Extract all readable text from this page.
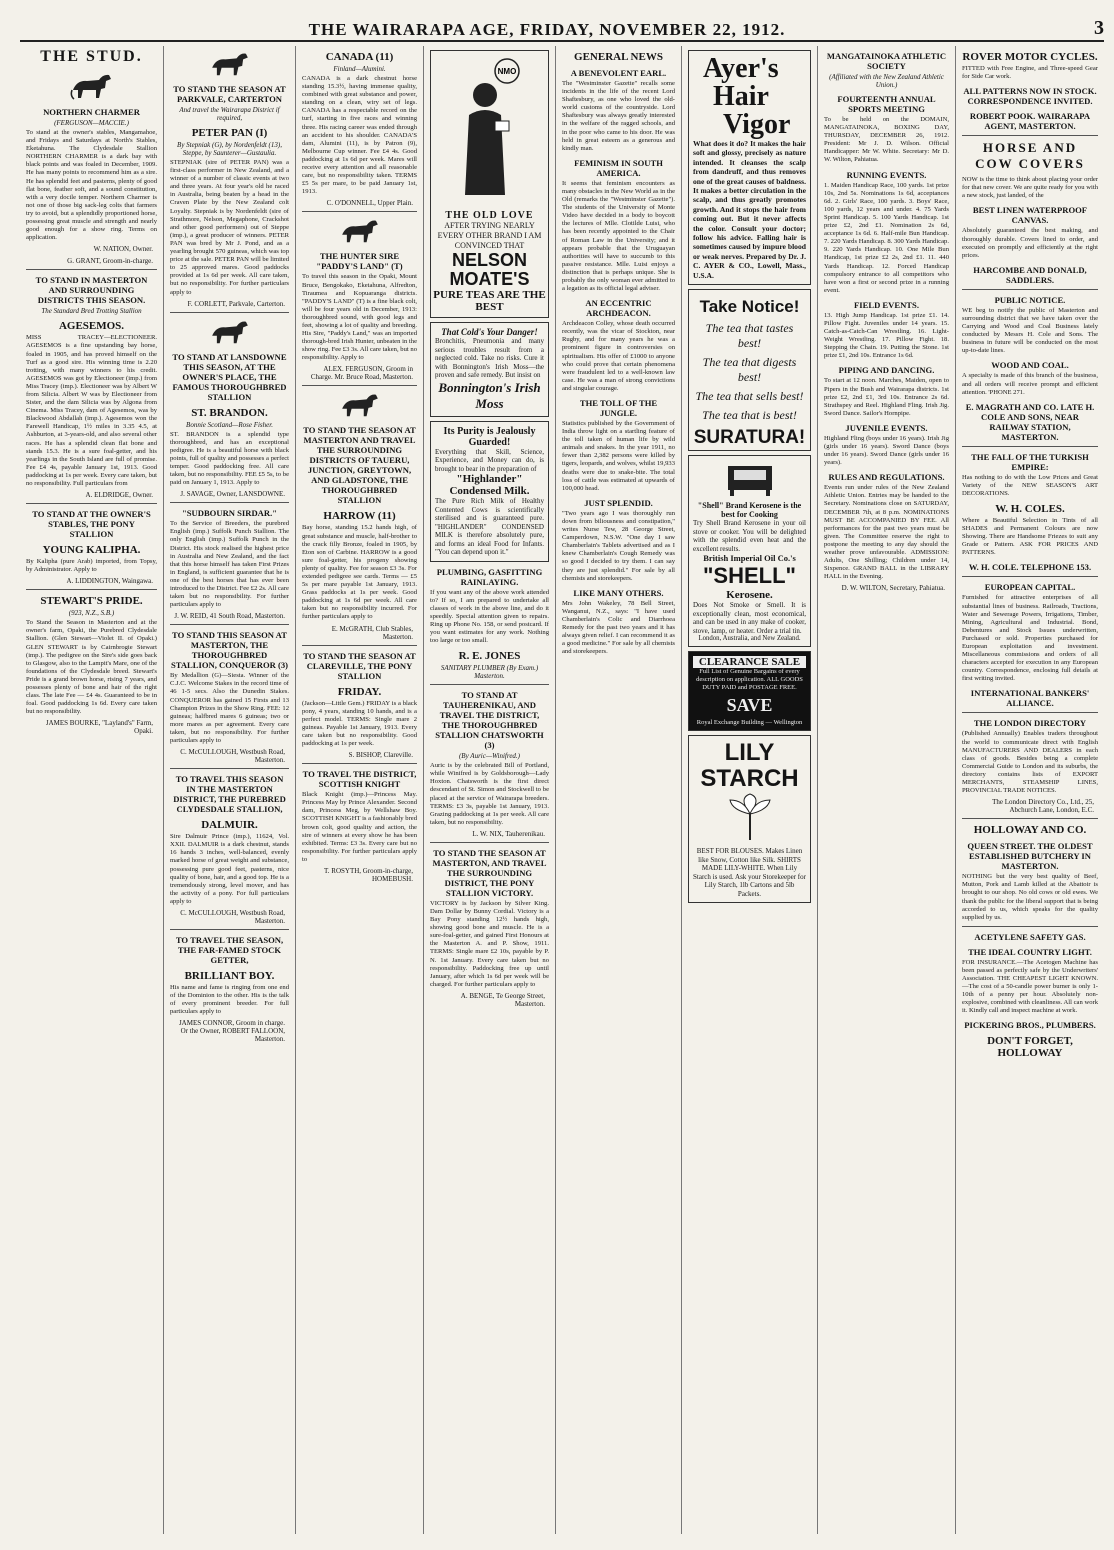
THE WAIRARAPA AGE, FRIDAY, NOVEMBER 22, 1912.	3
THE STUD.
NORTHERN CHARMER
(FERGUSON—MACCIE.)

To stand at the owner's stables, Mangamahoe, and Fridays and Saturdays at North's Stables, Eketahuna. The Clydesdale Stallion NORTHERN CHARMER is a dark bay with black points and was foaled in December, 1909. He has many points to recommend him as a sire. He has splendid feet and pasterns, plenty of good flat bone, feather soft, and a sound constitution, with a very docile temper. Northern Charmer is not one of those big sack-leg colts that farmers try to avoid, but a splendidly proportioned horse, possessing great muscle and strength and nearly good enough for a show ring. Terms on application.

W. NATION, Owner.
G. GRANT, Groom-in-charge.
TO STAND IN MASTERTON AND SURROUNDING DISTRICTS THIS SEASON.
The Standard Bred Trotting Stallion
AGESEMOS.

MISS TRACEY—ELECTIONEER. AGESEMOS is a fine upstanding bay horse, foaled in 1905, and has proved himself on the Turf as a good sire. His winning time is 2.20 trotting, with many winners to his credit. AGESEMOS was got by Electioneer (imp.) from Miss Tracey (imp.). Electioneer was by Albert W from Silicia. Albert W was by Electioneer from Sister, and the dam Silicia was by Algona from Cinema. Miss Tracey, dam of Agesemos, was by Blackwood Abdallah (imp.). Agesemos won the Farewell Handicap, 1½ miles in 3.35 4.5, at Ashburton, at 3-years-old, and also several other races. He has a splendid clean flat bone and stands 15.3. He is a sure foal-getter, and his yearlings in the South Island are full of promise. Fee £4 4s, payable January 1st, 1913. Good paddocking at 1s per week. Every care taken, but no responsibility. Full particulars from

A. ELDRIDGE, Owner.
TO STAND AT THE OWNER'S STABLES, THE PONY STALLION
YOUNG KALIPHA.

By Kalipha (pure Arab) imported, from Topsy, by Administrator. Apply to

A. LIDDINGTON, Waingawa.
STEWART'S PRIDE.
(923, N.Z., S.B.)

To Stand the Season in Masterton and at the owner's farm, Opaki, the Purebred Clydesdale Stallion. (Glen Stewart—Violet II. of Opaki.) GLEN STEWART is by Cairnbrogie Stewart (imp.). The pedigree on the Sire's side goes back to Glasgow, also to the Lampit's Mare, one of the foundations of the Clydesdale breed. Stewart's Pride is a grand brown horse, rising 7 years, and possesses plenty of bone and hair of the right class. The late Fee — £4 4s. Guaranteed to be in foal. Good paddocking 1s 6d. Every care taken but no responsibility.

JAMES BOURKE, "Layland's" Farm, Opaki.
TO STAND THE SEASON AT PARKVALE, CARTERTON
And travel the Wairarapa District if required,
PETER PAN (I)
By Stepniak (G), by Nordenfeldt (13), Steppe, by Saunterer—Gustaulia.

STEPNIAK (sire of PETER PAN) was a first-class performer in New Zealand, and a winner of a number of classic events at two and three years. At four year's old he raced in Australia, being beaten by a head in the Craven Plate by the New Zealand colt Loyalty. Stepniak is by Nordenfeldt (sire of Strathmore, Nelson, Megaphone, Crackshot and other good performers) out of Steppe (imp.), a great producer of winners. PETER PAN was bred by Mr J. Pond, and as a yearling brought 570 guineas, which was top price at the sale. PETER PAN will be limited to 25 approved mares. Good paddocks provided at 1s 6d per week. All care taken, but no responsibility. For further particulars apply to

F. CORLETT, Parkvale, Carterton.
TO STAND AT LANSDOWNE THIS SEASON, AT THE OWNER'S PLACE, THE FAMOUS THOROUGHBRED STALLION
ST. BRANDON.
Bonnie Scotland—Rose Fisher.

ST. BRANDON is a splendid type thoroughbred, and has an exceptional pedigree. He is a beautiful horse with black points, full of quality and possesses a perfect temper. Good paddocking free. All care taken, but no responsibility. FEE £5 5s, to be paid on January 1, 1913. Apply to

J. SAVAGE, Owner, LANSDOWNE.
"SUDBOURN SIRDAR."

To the Service of Breeders, the purebred English (imp.) Suffolk Punch Stallion. The only English (imp.) Suffolk Punch in the District. His stock realised the highest price in Australia and New Zealand, and the fact that this horse himself has taken First Prizes in England, is sufficient guarantee that he is one of the best horses that has ever been introduced to the District. Fee £2 2s. All care taken but no responsibility. For further particulars apply to

J. W. REID, 41 South Road, Masterton.
TO STAND THIS SEASON AT MASTERTON, THE THOROUGHBRED STALLION, CONQUEROR (3)

By Medallion (G)—Siesta. Winner of the C.J.C. Welcome Stakes in the record time of 46 1-5 secs. Also the Dunedin Stakes. CONQUEROR has gained 15 Firsts and 13 Champion Prizes in the Show Ring. FEE: 12 guineas; halfbred mares 6 guineas; two or more mares as per agreement. Every care taken, but no responsibility. For further particulars apply to

C. McCULLOUGH, Westbush Road, Masterton.
TO TRAVEL THIS SEASON IN THE MASTERTON DISTRICT, THE PUREBRED CLYDESDALE STALLION,
DALMUIR.

Sire Dalmuir Prince (imp.), 11624, Vol. XXII. DALMUIR is a dark chestnut, stands 16 hands 3 inches, well-balanced, evenly marked horse of great weight and substance, possessing pure good feet, pasterns, nice quality of bone, hair, and a good top. He is a tremendously strong, level mover, and has the activity of a pony. For full particulars apply to

C. McCULLOUGH, Westbush Road, Masterton.
TO TRAVEL THE SEASON, THE FAR-FAMED STOCK GETTER,
BRILLIANT BOY.

His name and fame is ringing from one end of the Dominion to the other. His is the talk of every prominent breeder. For full particulars apply to

JAMES CONNOR, Groom in charge. Or the Owner, ROBERT FALLOON, Masterton.
CANADA (11)
Finland—Alumini.

CANADA is a dark chestnut horse standing 15.3½, having immense quality, combined with great substance and power, standing on a clean, wiry set of legs. CANADA has a respectable record on the turf, starting in five races and winning three. His racing career was ended through an accident to his shoulder. CANADA'S dam, Alumini (11), is by Patron (9), Melbourne Cup winner. Fee £4 4s. Good paddocking at 1s 6d per week. Mares will receive every attention and all reasonable care, but no responsibility taken. TERMS £5 5s per mare, to be paid January 1st, 1913.

C. O'DONNELL, Upper Plain.
THE HUNTER SIRE "PADDY'S LAND" (T)

To travel this season in the Opaki, Mount Bruce, Bengokako, Eketahuna, Alfredton, Tiraumea and Kopuaranga districts. "PADDY'S LAND" (T) is a fine black colt, will be four years old in December, 1913: thoroughbred sound, with good legs and feet, showing a lot of quality and breeding. His Sire, "Paddy's Land," was an imported thorough-bred Irish Hunter, unbeaten in the show ring. Fee £3 3s. All care taken, but no responsibility. Apply to

ALEX. FERGUSON, Groom in Charge. Mr. Bruce Road, Masterton.
TO STAND THE SEASON AT MASTERTON AND TRAVEL THE SURROUNDING DISTRICTS OF TAUERU, JUNCTION, GREYTOWN, AND GLADSTONE, THE THOROUGHBRED STALLION
HARROW (11)

Bay horse, standing 15.2 hands high, of great substance and muscle, half-brother to the crack filly Bronze, foaled in 1905, by Eton son of Carbine. HARROW is a good sure foal-getter, his progeny showing plenty of quality. Fee for season £3 3s. For extended pedigree see cards. Terms — £5 5s per mare payable 1st January, 1913. Grass paddocks at 1s per week. Good paddocking at 1s 6d per week. All care taken but no responsibility incurred. For further particulars apply to

E. McGRATH, Club Stables, Masterton.
TO STAND THE SEASON AT CLAREVILLE, THE PONY STALLION
FRIDAY.

(Jackson—Little Gem.) FRIDAY is a black pony, 4 years, standing 10 hands, and is a perfect model. TERMS: Single mare 2 guineas. Payable 1st January, 1913. Every care taken but no responsibility. Good paddocking at 1s per week.

S. BISHOP, Clareville.
TO TRAVEL THE DISTRICT, SCOTTISH KNIGHT

Black Knight (imp.)—Princess May. Princess May by Prince Alexander. Second dam, Princess Meg, by Wellshaw Boy. SCOTTISH KNIGHT is a fashionably bred brown colt, good quality and action, the sire of winners at every show he has been exhibited. Terms: £3 3s. Every care but no responsibility. For further particulars apply to

T. ROSYTH, Groom-in-charge, HOMEBUSH.
NMO
THE OLD LOVE
AFTER TRYING NEARLY EVERY OTHER BRAND I AM CONVINCED THAT
NELSON MOATE'S
PURE TEAS ARE THE BEST
That Cold's Your Danger!
Bronchitis, Pneumonia and many serious troubles result from a neglected cold. Take no risks. Cure it with Bonnington's Irish Moss—the proven and safe remedy. But insist on
Bonnington's Irish Moss
Its Purity is Jealously Guarded!
Everything that Skill, Science, Experience, and Money can do, is brought to bear in the preparation of
"Highlander" Condensed Milk.
The Pure Rich Milk of Healthy Contented Cows is scientifically sterilised and is guaranteed pure. "HIGHLANDER" CONDENSED MILK is therefore absolutely pure, and forms an ideal Food for Infants. "You can depend upon it."
PLUMBING, GASFITTING RAINLAYING.

If you want any of the above work attended to? If so, I am prepared to undertake all classes of work in the above line, and do it speedily. Special attention given to repairs. Ring up Phone No. 158, or send postcard. If you want estimates for any work. Nothing too large or too small.

R. E. JONES
SANITARY PLUMBER (By Exam.) Masterton.
TO STAND AT TAUHERENIKAU, AND TRAVEL THE DISTRICT, THE THOROUGHBRED STALLION CHATSWORTH (3)
(By Auric—Winifred.)

Auric is by the celebrated Bill of Portland, while Winifred is by Goldsborough—Lady Hoxton. Chatsworth is the first direct descendant of St. Simon and Stockwell to be placed at the service of Wairarapa breeders. TERMS: £3 3s, payable 1st January, 1913. Grazing paddocking at 1s per week. All care taken, but no responsibility.

L. W. NIX, Tauherenikau.
TO STAND THE SEASON AT MASTERTON, AND TRAVEL THE SURROUNDING DISTRICT, THE PONY STALLION VICTORY.

VICTORY is by Jackson by Silver King. Dam Dollar by Bunny Cordial. Victory is a Bay Pony standing 12½ hands high, showing good bone and muscle. He is a sure-foal-getter, and gained First Honours at the Masterton A. and P. Show, 1911. TERMS: Single mare £2 10s, payable by P. N. 1st January. Every care taken but no responsibility. Paddocking free up until January, after which 1s 6d per week will be charged. For further particulars apply to

A. BENGE, Te George Street, Masterton.
GENERAL NEWS
A BENEVOLENT EARL.

The "Westminster Gazette" recalls some incidents in the life of the recent Lord Shaftesbury, as one who loved the old-world customs of the countryside. Lord Shaftesbury was always greatly interested in the welfare of the ragged schools, and in the poor who came to his door. He was held in great esteem as a generous and kindly man.

FEMINISM IN SOUTH AMERICA.

It seems that feminism encounters as many obstacles in the New World as in the Old (remarks the "Westminster Gazette"). The students of the University of Monte Video have decided in a body to boycott the lectures of Mlle. Clotilde Luisi, who has been recently appointed to the Chair of Roman Law in the University; and it appears probable that the Uruguayan authorities will have to succumb to this passive resistance. Mlle. Luisi enjoys a distinction that is perhaps unique. She is probably the only woman ever admitted to a legation as its official legal adviser.

AN ECCENTRIC ARCHDEACON.

Archdeacon Colley, whose death occurred recently, was the vicar of Stockton, near Rugby, and for many years he was a prominent figure in controversies on spiritualism. His offer of £1000 to anyone who could prove that certain phenomena were fraudulent led to a well-known law case. He was a man of strong convictions and singular courage.

THE TOLL OF THE JUNGLE.

Statistics published by the Government of India throw light on a startling feature of the toll taken of human life by wild animals and snakes. In the year 1911, no fewer than 2,382 persons were killed by tigers, leopards, and wolves, whilst 19,933 deaths were due to snake-bite. The total loss of cattle was estimated at upwards of 100,000 head.

JUST SPLENDID.

"Two years ago I was thoroughly run down from biliousness and constipation," writes Nurse Tew, 28 George Street, Camperdown, N.S.W. "One day I saw Chamberlain's Tablets advertised and as I knew Chamberlain's Cough Remedy was so good I decided to try them. I can say they are just splendid." For sale by all chemists and storekeepers.

LIKE MANY OTHERS.

Mrs John Wakeley, 78 Bell Street, Wanganui, N.Z., says: "I have used Chamberlain's Colic and Diarrhoea Remedy for the past two years and it has always given relief. I can recommend it as a good medicine." For sale by all chemists and storekeepers.

Ayer's
Hair
Vigor
What does it do? It makes the hair soft and glossy, precisely as nature intended. It cleanses the scalp from dandruff, and thus removes one of the great causes of baldness. It makes a better circulation in the scalp, and thus greatly promotes growth. And it stops the hair from coming out. But it never affects the color. Consult your doctor; follow his advice. Falling hair is sometimes caused by impure blood or weak nerves. Prepared by Dr. J. C. AYER & CO., Lowell, Mass., U.S.A.
Take Notice!
The tea that tastes best!
The tea that digests best!
The tea that sells best!
The tea that is best!
SURATURA!
"Shell" Brand Kerosene is the best for Cooking
Try Shell Brand Kerosene in your oil stove or cooker. You will be delighted with the splendid even heat and the excellent results.
British Imperial Oil Co.'s
"SHELL"
Kerosene.
Does Not Smoke or Smell. It is exceptionally clean, most economical, and can be used in any make of cooker, stove, lamp, or heater. Order a trial tin.
London, Australia, and New Zealand.
CLEARANCE SALE
Full List of Genuine Bargains of every description on application. ALL GOODS DUTY PAID and POSTAGE FREE.
SAVE
Royal Exchange Building — Wellington
LILY STARCH
BEST FOR BLOUSES. Makes Linen like Snow, Cotton like Silk. SHIRTS MADE LILY-WHITE. When Lily Starch is used. Ask your Storekeeper for Lily Starch, 1lb Cartons and 5lb Packets.
MANGATAINOKA ATHLETIC SOCIETY
(Affiliated with the New Zealand Athletic Union.)
FOURTEENTH ANNUAL SPORTS MEETING

To be held on the DOMAIN, MANGATAINOKA, BOXING DAY, THURSDAY, DECEMBER 26, 1912. President: Mr J. D. Wilson. Official Handicapper: Mr W. White. Secretary: Mr D. W. Wilton, Pahiatua.

RUNNING EVENTS.

1. Maiden Handicap Race, 100 yards. 1st prize 10s, 2nd 5s. Nominations 1s 6d, acceptances 6d. 2. Girls' Race, 100 yards. 3. Boys' Race, 100 yards, 12 years and under. 4. 75 Yards Sprint Handicap. 5. 100 Yards Handicap. 1st prize £2, 2nd £1. Nomination 2s 6d, acceptance 1s 6d. 6. Half-mile Bun Handicap. 7. 220 Yards Handicap. 8. 300 Yards Handicap. 9. 220 Yards Handicap. 10. One Mile Bun Handicap, 1st prize £2 2s, 2nd £1. 11. 440 Yards Handicap. 12. Forced Handicap compulsory entrance to all competitors who have won a first or second prize in a running event.

FIELD EVENTS.

13. High Jump Handicap. 1st prize £1. 14. Pillow Fight. Juveniles under 14 years. 15. Catch-as-Catch-Can Wrestling. 16. Light-Weight Wrestling. 17. Pillow Fight. 18. Stepping the Chain. 19. Putting the Stone. 1st prize £1, 2nd 10s. Entrance 1s 6d.

PIPING AND DANCING.

To start at 12 noon. Marches, Maiden, open to Pipers in the Bush and Wairarapa districts. 1st prize £2, 2nd £1, 3rd 10s. Entrance 2s 6d. Strathspey and Reel. Highland Fling. Irish Jig. Sword Dance. Sailor's Hornpipe.

JUVENILE EVENTS.

Highland Fling (boys under 16 years). Irish Jig (girls under 16 years). Sword Dance (boys under 16 years). Sword Dance (girls under 16 years).

RULES AND REGULATIONS.

Events run under rules of the New Zealand Athletic Union. Entries may be handed to the Secretary. Nominations close on SATURDAY, DECEMBER 7th, at 8 p.m. NOMINATIONS MUST BE ACCOMPANIED BY FEE. All performances for the past two years must be given. The Committee reserve the right to postpone the meeting to any day should the weather prove unfavourable. ADMISSION: Adults, One Shilling; Children under 14, Sixpence. GRAND BALL in the LIBRARY HALL in the Evening.

D. W. WILTON, Secretary, Pahiatua.
ROVER MOTOR CYCLES.

FITTED with Free Engine, and Three-speed Gear for Side Car work.

ALL PATTERNS NOW IN STOCK. CORRESPONDENCE INVITED.
ROBERT POOK. WAIRARAPA AGENT, MASTERTON.
HORSE AND COW COVERS

NOW is the time to think about placing your order for that new cover. We are quite ready for you with a new stock, just landed, of the

BEST LINEN WATERPROOF CANVAS.

Absolutely guaranteed the best making, and thoroughly durable. Covers lined to order, and executed on promptly and efficiently at the right prices.

HARCOMBE AND DONALD, SADDLERS.
PUBLIC NOTICE.

WE beg to notify the public of Masterton and surrounding district that we have taken over the Carrying and Wood and Coal Business lately conducted by Messrs H. Cole and Sons. The business in future will be conducted on the most up-to-date lines.

WOOD AND COAL.

A specialty is made of this branch of the business, and all orders will receive prompt and efficient attention. 'PHONE 271.

E. MAGRATH AND CO. LATE H. COLE AND SONS, NEAR RAILWAY STATION, MASTERTON.
THE FALL OF THE TURKISH EMPIRE:

Has nothing to do with the Low Prices and Great Variety of the NEW SEASON'S ART DECORATIONS.

W. H. COLES.

Where a Beautiful Selection in Tints of all SHADES and Permanent Colours are now Showing. There are Handsome Friezes to suit any Grade or Pattern. ASK FOR PRICES AND PATTERNS.

W. H. COLE. TELEPHONE 153.
EUROPEAN CAPITAL.

Furnished for attractive enterprises of all substantial lines of business. Railroads, Tractions, Water and Sewerage Powers, Irrigations, Timber, Mining, Agricultural and Industrial. Bond, Debentures and Stock Issues underwritten, Purchased or sold. Properties purchased for European exploitation and investment. Miscellaneous commissions and orders of all characters accepted for execution in any European country. Correspondence, enclosing full details at first writing invited.

INTERNATIONAL BANKERS' ALLIANCE.
THE LONDON DIRECTORY

(Published Annually) Enables traders throughout the world to communicate direct with English MANUFACTURERS AND DEALERS in each class of goods. Besides being a complete Commercial Guide to London and its suburbs, the directory contains lists of EXPORT MERCHANTS, STEAMSHIP LINES, PROVINCIAL TRADE NOTICES.

The London Directory Co., Ltd., 25, Abchurch Lane, London, E.C.
HOLLOWAY AND CO.
QUEEN STREET. THE OLDEST ESTABLISHED BUTCHERY IN MASTERTON.

NOTHING but the very best quality of Beef, Mutton, Pork and Lamb killed at the Abattoir is brought to our shop. No old cows or old ewes. We thank the public for the liberal support that is being accorded to us, which speaks for the quality supplied by us.

ACETYLENE SAFETY GAS.
THE IDEAL COUNTRY LIGHT.

FOR INSURANCE.—The Acetogen Machine has been passed as perfectly safe by the Underwriters' Association. THE CHEAPEST LIGHT KNOWN.—The cost of a 50-candle power burner is only 1-10th of a penny per hour. Absolutely non-explosive, combined with cleanliness. All can work it. Kindly call and inspect machine at work.

PICKERING BROS., PLUMBERS.
DON'T FORGET, HOLLOWAY
